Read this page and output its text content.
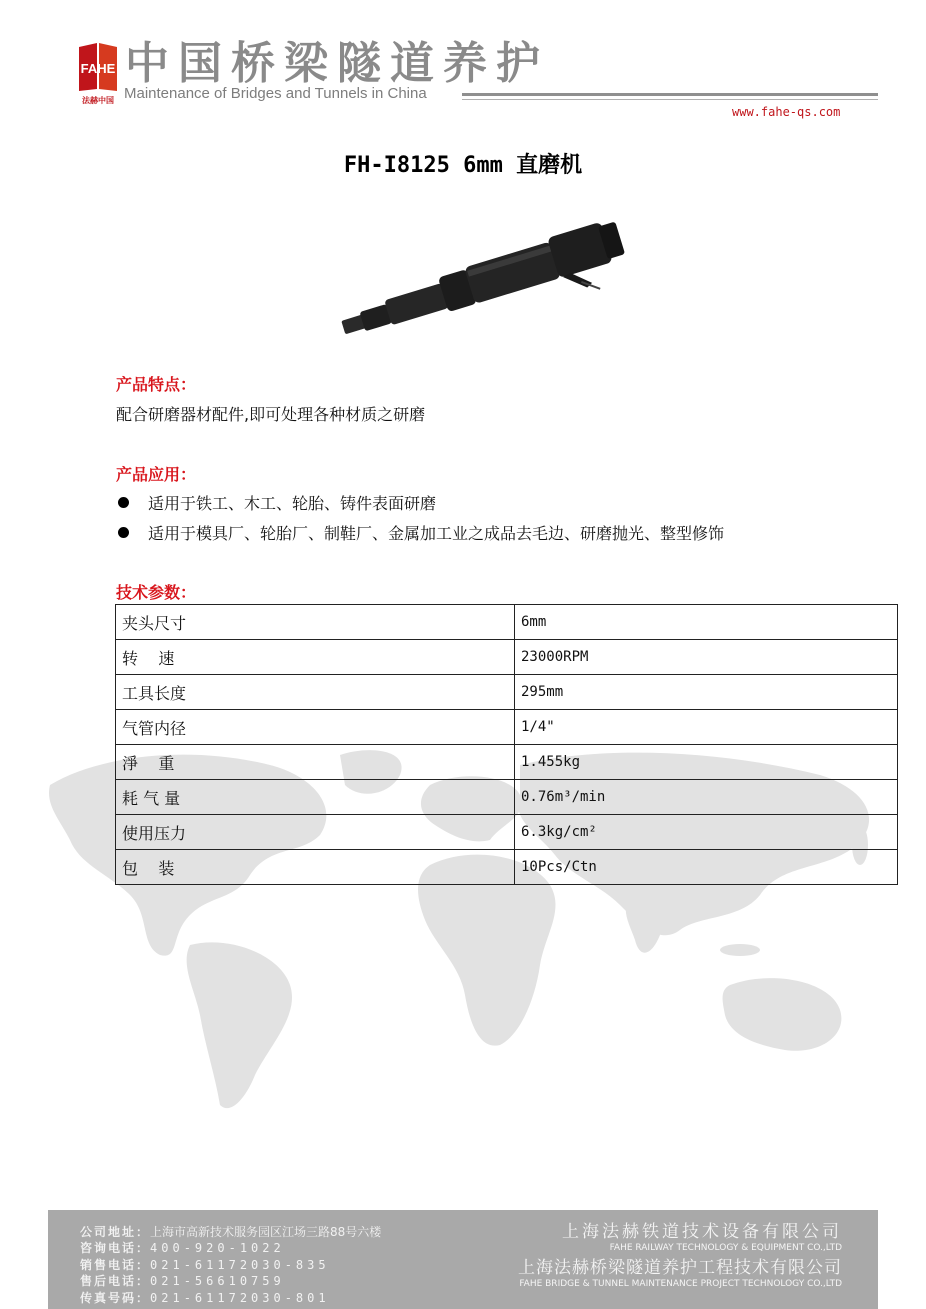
FAHE
法赫中国
中国桥梁隧道养护
Maintenance of Bridges and Tunnels in China
www.fahe-qs.com
FH-I8125 6mm 直磨机
产品特点：
配合研磨器材配件,即可处理各种材质之研磨
产品应用：
适用于铁工、木工、轮胎、铸件表面研磨
适用于模具厂、轮胎厂、制鞋厂、金属加工业之成品去毛边、研磨抛光、整型修饰
技术参数：
夹头尺寸	6mm
转    速	23000RPM
工具长度	295mm
气管内径	1/4"
淨    重	1.455kg
耗 气 量	0.76m³/min
使用压力	6.3kg/cm²
包    装	10Pcs/Ctn
公司地址：上海市高新技术服务园区江场三路88号六楼
咨询电话：400-920-1022
销售电话：021-61172030-835
售后电话：021-56610759
传真号码：021-61172030-801
上海法赫铁道技术设备有限公司
FAHE RAILWAY TECHNOLOGY & EQUIPMENT CO.,LTD
上海法赫桥梁隧道养护工程技术有限公司
FAHE BRIDGE & TUNNEL MAINTENANCE PROJECT TECHNOLOGY CO.,LTD
